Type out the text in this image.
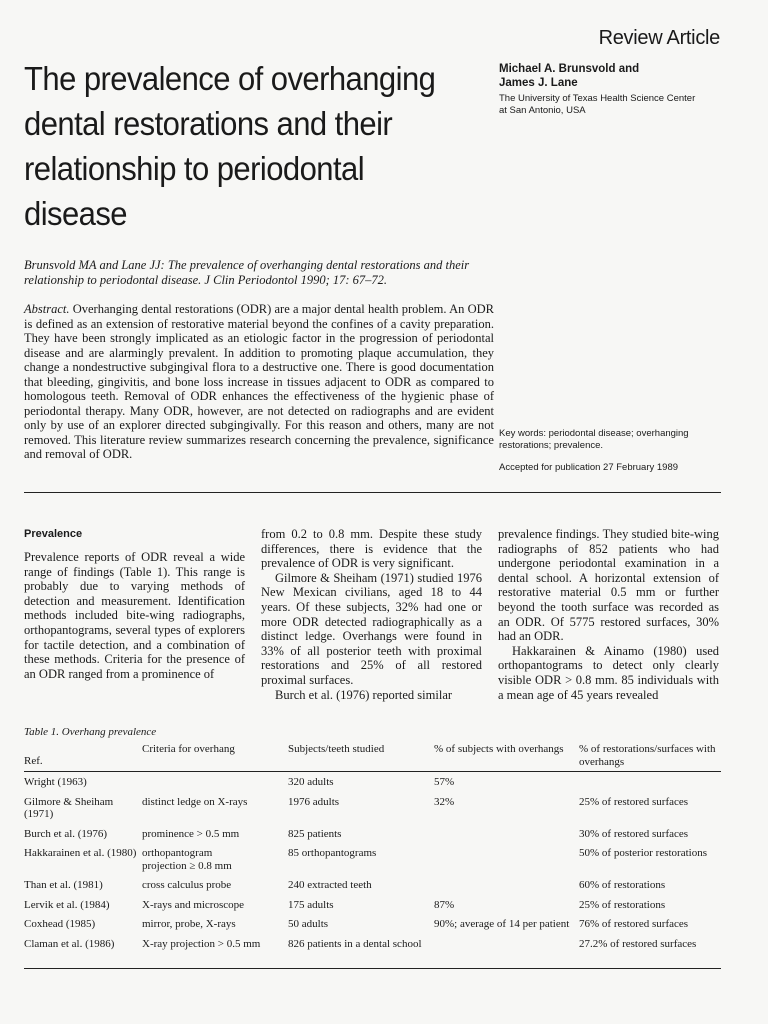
Review Article
The prevalence of overhanging
dental restorations and their
relationship to periodontal
disease
Michael A. Brunsvold and
James J. Lane
The University of Texas Health Science Center
at San Antonio, USA
Brunsvold MA and Lane JJ: The prevalence of overhanging dental restorations and their relationship to periodontal disease. J Clin Periodontol 1990; 17: 67–72.
Abstract. Overhanging dental restorations (ODR) are a major dental health problem. An ODR is defined as an extension of restorative material beyond the confines of a cavity preparation. They have been strongly implicated as an etiologic factor in the progression of periodontal disease and are alarmingly prevalent. In addition to promoting plaque accumulation, they change a nondestructive subgingival flora to a destructive one. There is good documentation that bleeding, gingivitis, and bone loss increase in tissues adjacent to ODR as compared to homologous teeth. Removal of ODR enhances the effectiveness of the hygienic phase of periodontal therapy. Many ODR, however, are not detected on radiographs and are evident only by use of an explorer directed subgingivally. For this reason and others, many are not removed. This literature review summarizes research concerning the prevalence, significance and removal of ODR.
Key words: periodontal disease; overhanging restorations; prevalence.
Accepted for publication 27 February 1989
Prevalence

Prevalence reports of ODR reveal a wide range of findings (Table 1). This range is probably due to varying methods of detection and measurement. Identification methods included bite-wing radiographs, orthopantograms, several types of explorers for tactile detection, and a combination of these methods. Criteria for the presence of an ODR ranged from a prominence of

from 0.2 to 0.8 mm. Despite these study differences, there is evidence that the prevalence of ODR is very significant.

Gilmore & Sheiham (1971) studied 1976 New Mexican civilians, aged 18 to 44 years. Of these subjects, 32% had one or more ODR detected radiographically as a distinct ledge. Overhangs were found in 33% of all posterior teeth with proximal restorations and 25% of all restored proximal surfaces.

Burch et al. (1976) reported similar

prevalence findings. They studied bite-wing radiographs of 852 patients who had undergone periodontal examination in a dental school. A horizontal extension of restorative material 0.5 mm or further beyond the tooth surface was recorded as an ODR. Of 5775 restored surfaces, 30% had an ODR.

Hakkarainen & Ainamo (1980) used orthopantograms to detect only clearly visible ODR > 0.8 mm. 85 individuals with a mean age of 45 years revealed

Table 1. Overhang prevalence
Ref.	Criteria for overhang	Subjects/teeth studied	% of subjects with overhangs	% of restorations/surfaces with overhangs
Wright (1963)		320 adults	57%	
Gilmore & Sheiham (1971)	distinct ledge on X-rays	1976 adults	32%	25% of restored surfaces
Burch et al. (1976)	prominence > 0.5 mm	825 patients		30% of restored surfaces
Hakkarainen et al. (1980)	orthopantogram projection ≥ 0.8 mm	85 orthopantograms		50% of posterior restorations
Than et al. (1981)	cross calculus probe	240 extracted teeth		60% of restorations
Lervik et al. (1984)	X-rays and microscope	175 adults	87%	25% of restorations
Coxhead (1985)	mirror, probe, X-rays	50 adults	90%; average of 14 per patient	76% of restored surfaces
Claman et al. (1986)	X-ray projection > 0.5 mm	826 patients in a dental school		27.2% of restored surfaces
